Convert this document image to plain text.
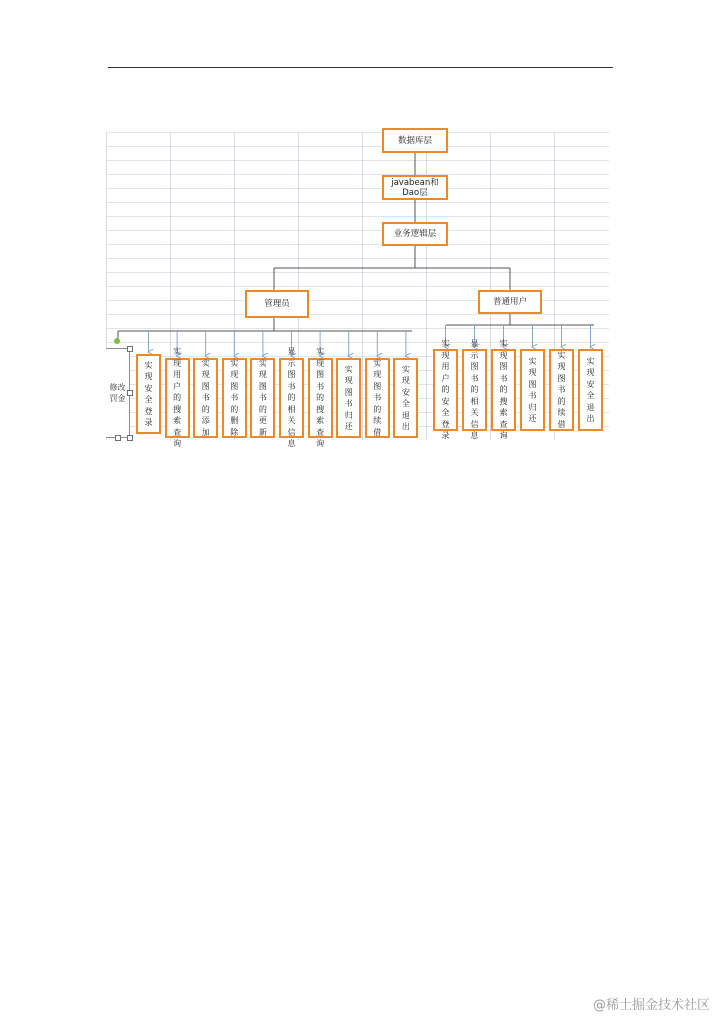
数据库层
javabean和Dao层
业务逻辑层
管理员	普通用户
修改罚金
实现安全登录
实现用户的搜索查询
实现图书的添加
实现图书的删除
实现图书的更新
显示图书的相关信息
实现图书的搜索查询
实现图书归还
实现图书的续借
实现安全退出
实现用户的安全登录
显示图书的相关信息
实现图书的搜索查询
实现图书归还
实现图书的续借
实现安全退出
@稀土掘金技术社区
